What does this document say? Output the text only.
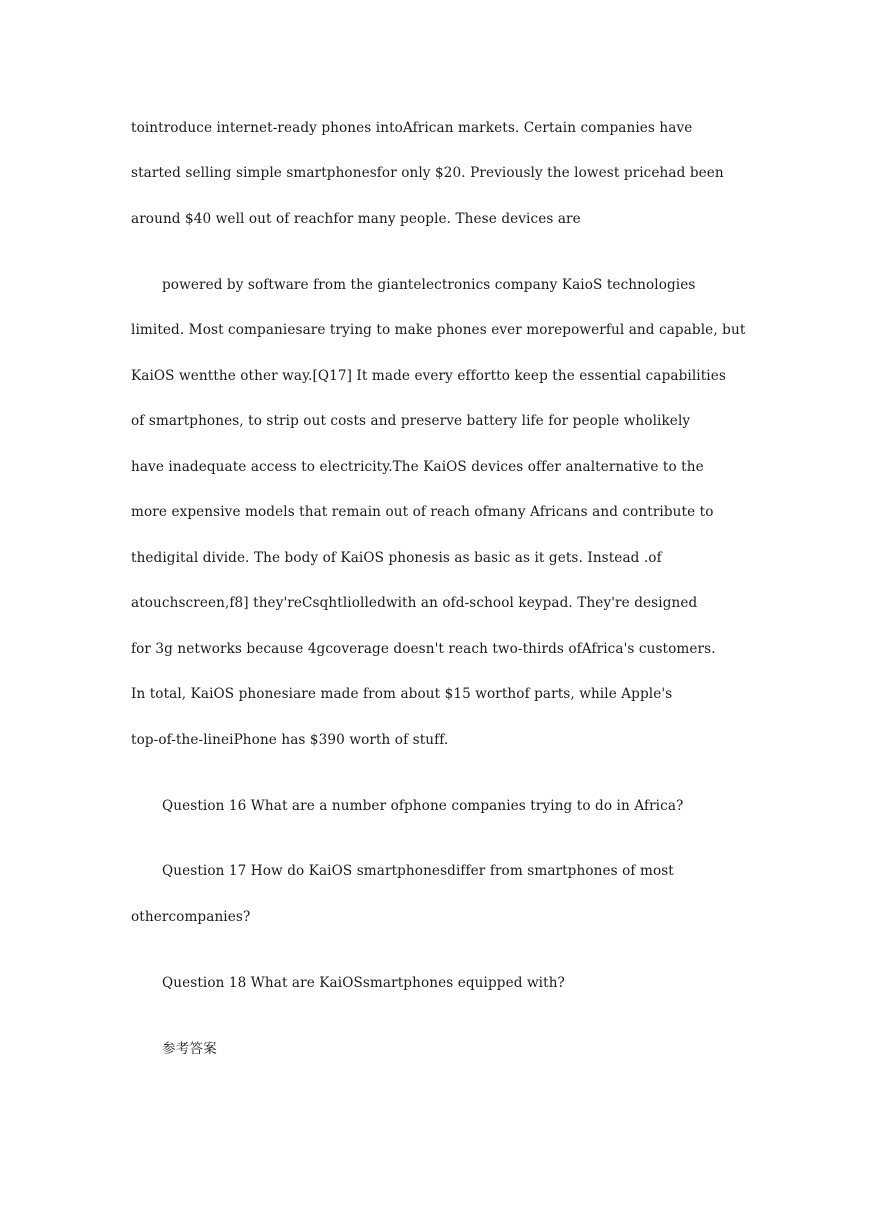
tointroduce internet-ready phones intoAfrican markets. Certain companies have
started selling simple smartphonesfor only $20. Previously the lowest pricehad been
around $40 well out of reachfor many people. These devices are
powered by software from the giantelectronics company KaioS technologies
limited. Most companiesare trying to make phones ever morepowerful and capable, but
KaiOS wentthe other way.[Q17] It made every effortto keep the essential capabilities
of smartphones, to strip out costs and preserve battery life for people wholikely
have inadequate access to electricity.The KaiOS devices offer analternative to the
more expensive models that remain out of reach ofmany Africans and contribute to
thedigital divide. The body of KaiOS phonesis as basic as it gets. Instead .of
atouchscreen,f8] they'reCsqhtliolledwith an ofd-school keypad. They're designed
for 3g networks because 4gcoverage doesn't reach two-thirds ofAfrica's customers.
In total, KaiOS phonesiare made from about $15 worthof parts, while Apple's
top-of-the-lineiPhone has $390 worth of stuff.
Question 16 What are a number ofphone companies trying to do in Africa?
Question 17 How do KaiOS smartphonesdiffer from smartphones of most
othercompanies?
Question 18 What are KaiOSsmartphones equipped with?
参考答案
